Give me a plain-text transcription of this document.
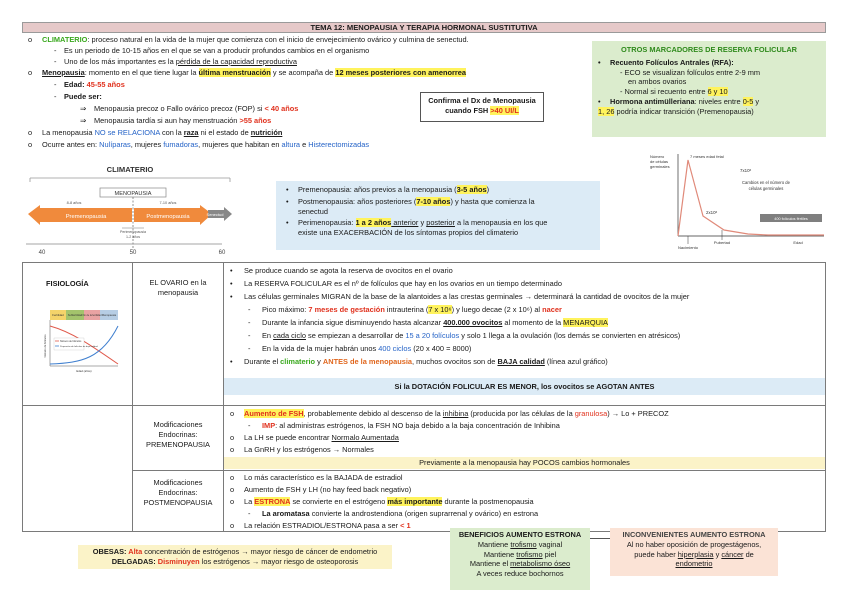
TEMA 12: MENOPAUSIA Y TERAPIA HORMONAL SUSTITUTIVA
o CLIMATERIO: proceso natural en la vida de la mujer que comienza con el inicio de envejecimiento ovárico y culmina de senectud.
- Es un periodo de 10-15 años en el que se van a producir profundos cambios en el organismo
- Uno de los más importantes es la pérdida de la capacidad reproductiva
o Menopausia: momento en el que tiene lugar la última menstruación y se acompaña de 12 meses posteriores con amenorrea
- Edad: 45-55 años
- Puede ser:
⇒ Menopausia precoz o Fallo ovárico precoz (FOP) si < 40 años
⇒ Menopausia tardía si aun hay menstruación >55 años
o La menopausia NO se RELACIONA con la raza ni el estado de nutrición
o Ocurre antes en: Nulíparas, mujeres fumadoras, mujeres que habitan en altura e Histerectomizadas
Confirma el Dx de Menopausia
cuando FSH >40 UI/L
OTROS MARCADORES DE RESERVA FOLICULAR
• Recuento Folículos Antrales (RFA):
- ECO se visualizan folículos entre 2-9 mm
en ambos ovarios
- Normal si recuento entre 6 y 10
• Hormona antimülleriana: niveles entre 0-5 y
1, 26 podría indicar transición (Premenopausia)
CLIMATERIO
MENOPAUSIA
8-8 años	7-10 años
Premenopausia	Postmenopausia	Senectud
Perimenopausia
1-2 años
40	50	60
• Premenopausia: años previos a la menopausia (3-5 años)
• Postmenopausia: años posteriores (7-10 años) y hasta que comienza la
senectud
• Perimenopausia: 1 a 2 años anterior y posterior a la menopausia en los que
existe una EXACERBACIÓN de los síntomas propios del climaterio
Número
de células
germinales
7 meses edad fetal
7x10⁶
2x10⁶
Cambios en el número de
células germinales
400 folículos fértiles
Nacimiento
Pubertad	Edad
FISIOLOGÍA
Fertilidad Subfertilidad Fin de la fertilidad Menopausia
Número de folículos
Proporción de folículos de baja calidad
Edad (años)
Número de folículos
EL OVARIO en la
menopausia
• Se produce cuando se agota la reserva de ovocitos en el ovario
• La RESERVA FOLICULAR es el nº de folículos que hay en los ovarios en un tiempo determinado
• Las células germinales MIGRAN de la base de la alantoides a las crestas germinales → determinará la cantidad de ovocitos de la mujer
- Pico máximo: 7 meses de gestación intrauterina (7 x 10⁶) y luego decae (2 x 10⁶) al nacer
- Durante la infancia sigue disminuyendo hasta alcanzar 400.000 ovocitos al momento de la MENARQUIA
- En cada ciclo se empiezan a desarrollar de 15 a 20 folículos y solo 1 llega a la ovulación (los demás se convierten en atrésicos)
- En la vida de la mujer habrán unos 400 ciclos (20 x 400 = 8000)
• Durante el climaterio y ANTES de la menopausia, muchos ovocitos son de BAJA calidad (línea azul gráfico)
Si la DOTACIÓN FOLICULAR ES MENOR, los ovocitos se AGOTAN ANTES
Modificaciones
Endocrinas:
PREMENOPAUSIA
o Aumento de FSH, probablemente debido al descenso de la inhibina (producida por las células de la granulosa) → Lo + PRECOZ
- IMP: al administras estrógenos, la FSH NO baja debido a la baja concentración de Inhibina
o La LH se puede encontrar Normalo Aumentada
o La GnRH y los estrógenos → Normales
Previamente a la menopausia hay POCOS cambios hormonales
Modificaciones
Endocrinas:
POSTMENOPAUSIA
o Lo más característico es la BAJADA de estradiol
o Aumento de FSH y LH (no hay feed back negativo)
o La ESTRONA se convierte en el estrógeno más importante durante la postmenopausia
- La aromatasa convierte la androstendiona (origen suprarrenal y ovárico) en estrona
o La relación ESTRADIOL/ESTRONA pasa a ser < 1
OBESAS: Alta concentración de estrógenos → mayor riesgo de cáncer de endometrio
DELGADAS: Disminuyen los estrógenos → mayor riesgo de osteoporosis
BENEFICIOS AUMENTO ESTRONA
Mantiene trofismo vaginal
Mantiene trofismo piel
Mantiene el metabolismo óseo
A veces reduce bochornos
INCONVENIENTES AUMENTO ESTRONA
Al no haber oposición de progestágenos,
puede haber hiperplasia y cáncer de
endometrio
